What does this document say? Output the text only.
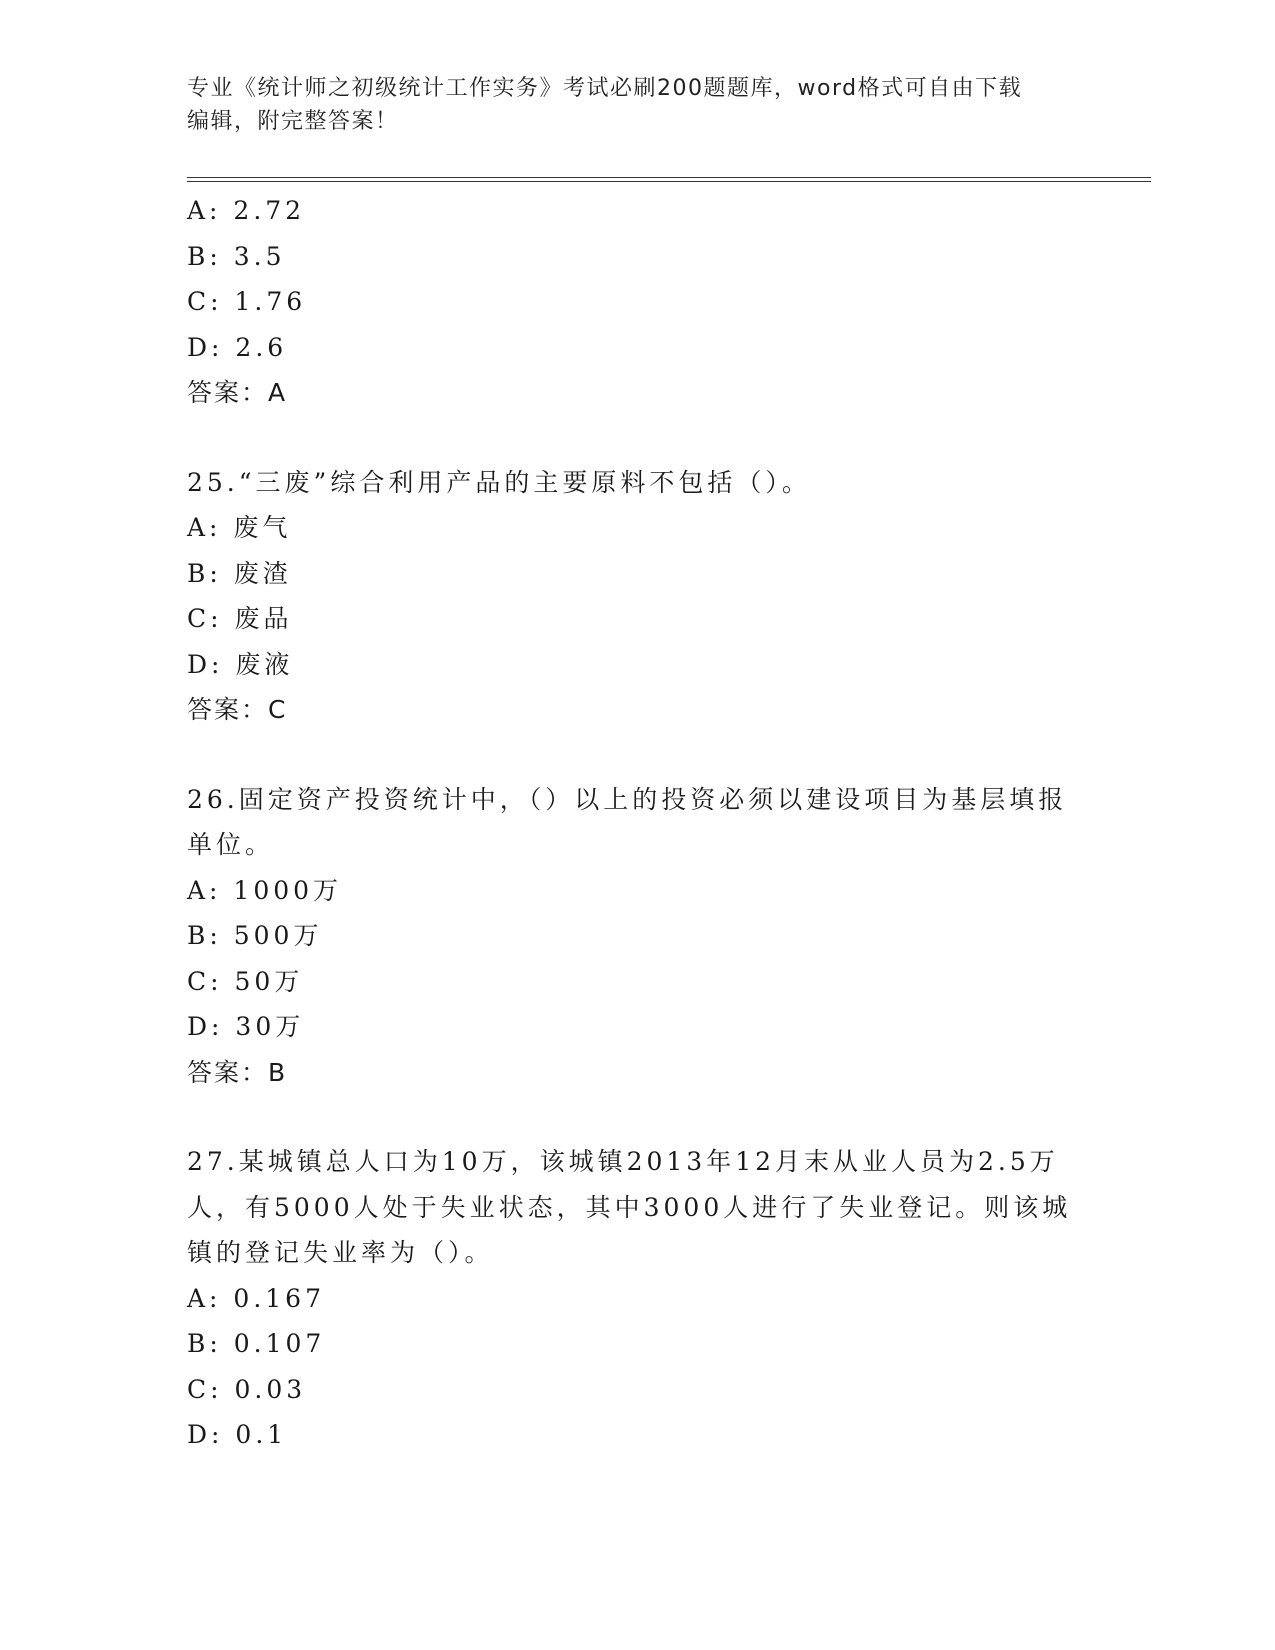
专业《统计师之初级统计工作实务》考试必刷200题题库，word格式可自由下载
编辑，附完整答案！
A: 2.72
B: 3.5
C: 1.76
D: 2.6
答案：A
25.“三废”综合利用产品的主要原料不包括（）。
A: 废气
B: 废渣
C: 废品
D: 废液
答案：C
26.固定资产投资统计中，（）以上的投资必须以建设项目为基层填报
单位。
A: 1000万
B: 500万
C: 50万
D: 30万
答案：B
27.某城镇总人口为10万，该城镇2013年12月末从业人员为2.5万
人，有5000人处于失业状态，其中3000人进行了失业登记。则该城
镇的登记失业率为（）。
A: 0.167
B: 0.107
C: 0.03
D: 0.1
